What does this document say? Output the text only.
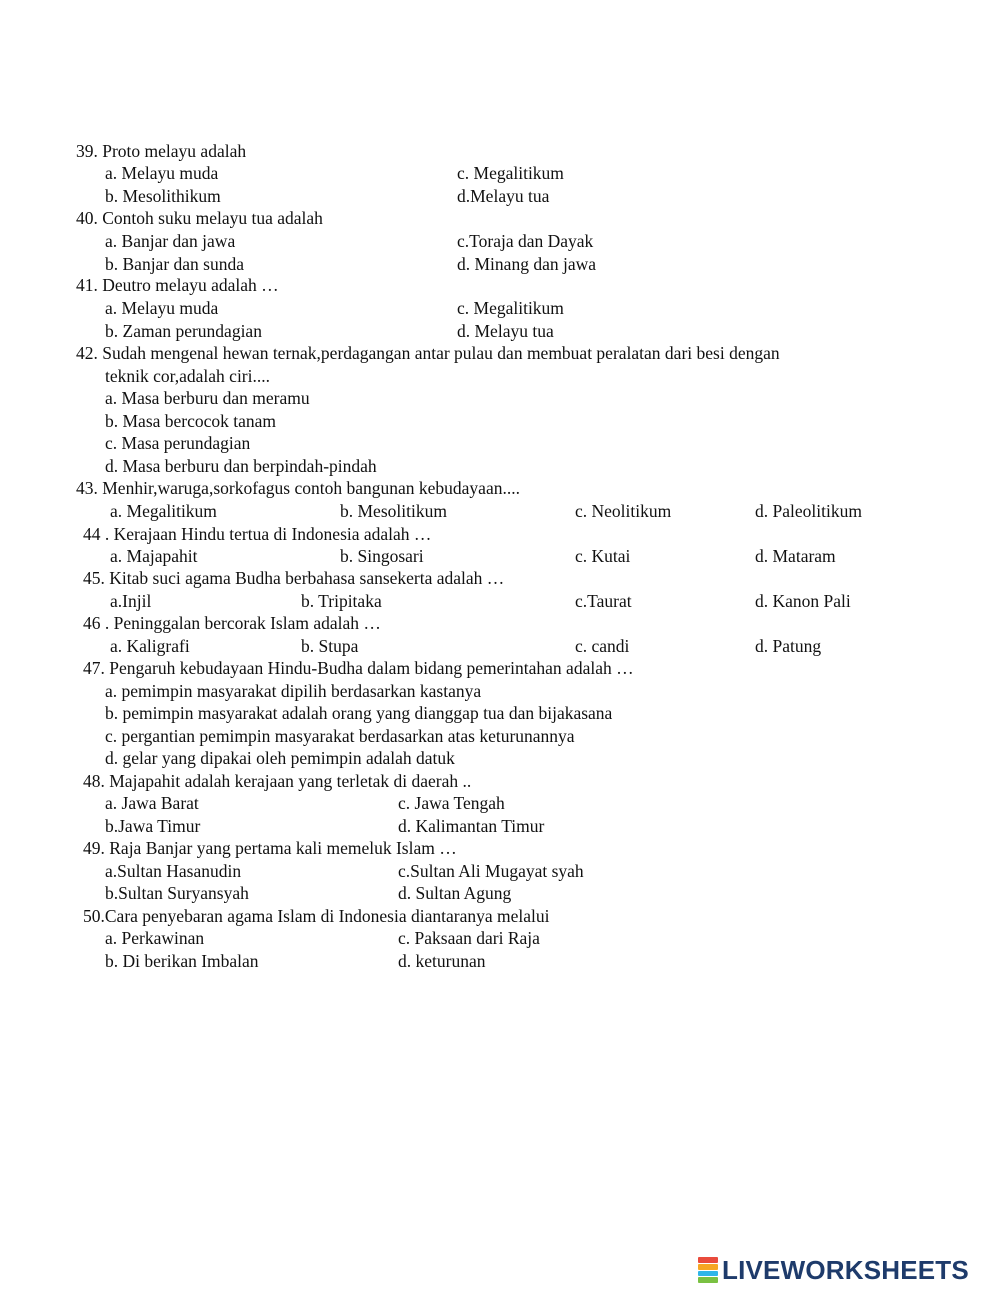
39. Proto melayu adalah
a. Melayu muda	c. Megalitikum
b. Mesolithikum	d.Melayu tua
40. Contoh suku melayu tua adalah
a. Banjar dan jawa	c.Toraja dan Dayak
b. Banjar dan sunda	d. Minang dan jawa
41. Deutro melayu adalah …
a. Melayu muda	c. Megalitikum
b. Zaman perundagian	d. Melayu tua
42. Sudah mengenal hewan ternak,perdagangan antar pulau dan membuat peralatan dari besi dengan
teknik cor,adalah ciri....
a. Masa berburu dan meramu
b. Masa bercocok tanam
c. Masa perundagian
d. Masa berburu dan berpindah-pindah
43. Menhir,waruga,sorkofagus contoh bangunan kebudayaan....
a. Megalitikum	b. Mesolitikum	c. Neolitikum	d. Paleolitikum
44 . Kerajaan Hindu tertua di Indonesia adalah …
a. Majapahit	b. Singosari	c. Kutai	d. Mataram
45. Kitab suci agama Budha berbahasa sansekerta adalah …
a.Injil	b. Tripitaka	c.Taurat	d. Kanon Pali
46 . Peninggalan bercorak Islam adalah …
a. Kaligrafi	b. Stupa	c. candi	d. Patung
47. Pengaruh kebudayaan Hindu-Budha dalam bidang pemerintahan adalah …
a. pemimpin masyarakat dipilih berdasarkan kastanya
b. pemimpin masyarakat adalah orang yang dianggap tua dan bijakasana
c. pergantian pemimpin masyarakat berdasarkan atas keturunannya
d. gelar yang dipakai oleh pemimpin adalah datuk
48. Majapahit adalah kerajaan yang terletak di daerah ..
a. Jawa Barat	c. Jawa Tengah
b.Jawa Timur	d. Kalimantan Timur
49. Raja Banjar yang pertama kali memeluk Islam …
a.Sultan Hasanudin	c.Sultan Ali Mugayat syah
b.Sultan Suryansyah	d. Sultan Agung
50.Cara penyebaran agama Islam di Indonesia diantaranya melalui
a. Perkawinan	c. Paksaan dari Raja
b. Di berikan Imbalan	d. keturunan
LIVEWORKSHEETS
